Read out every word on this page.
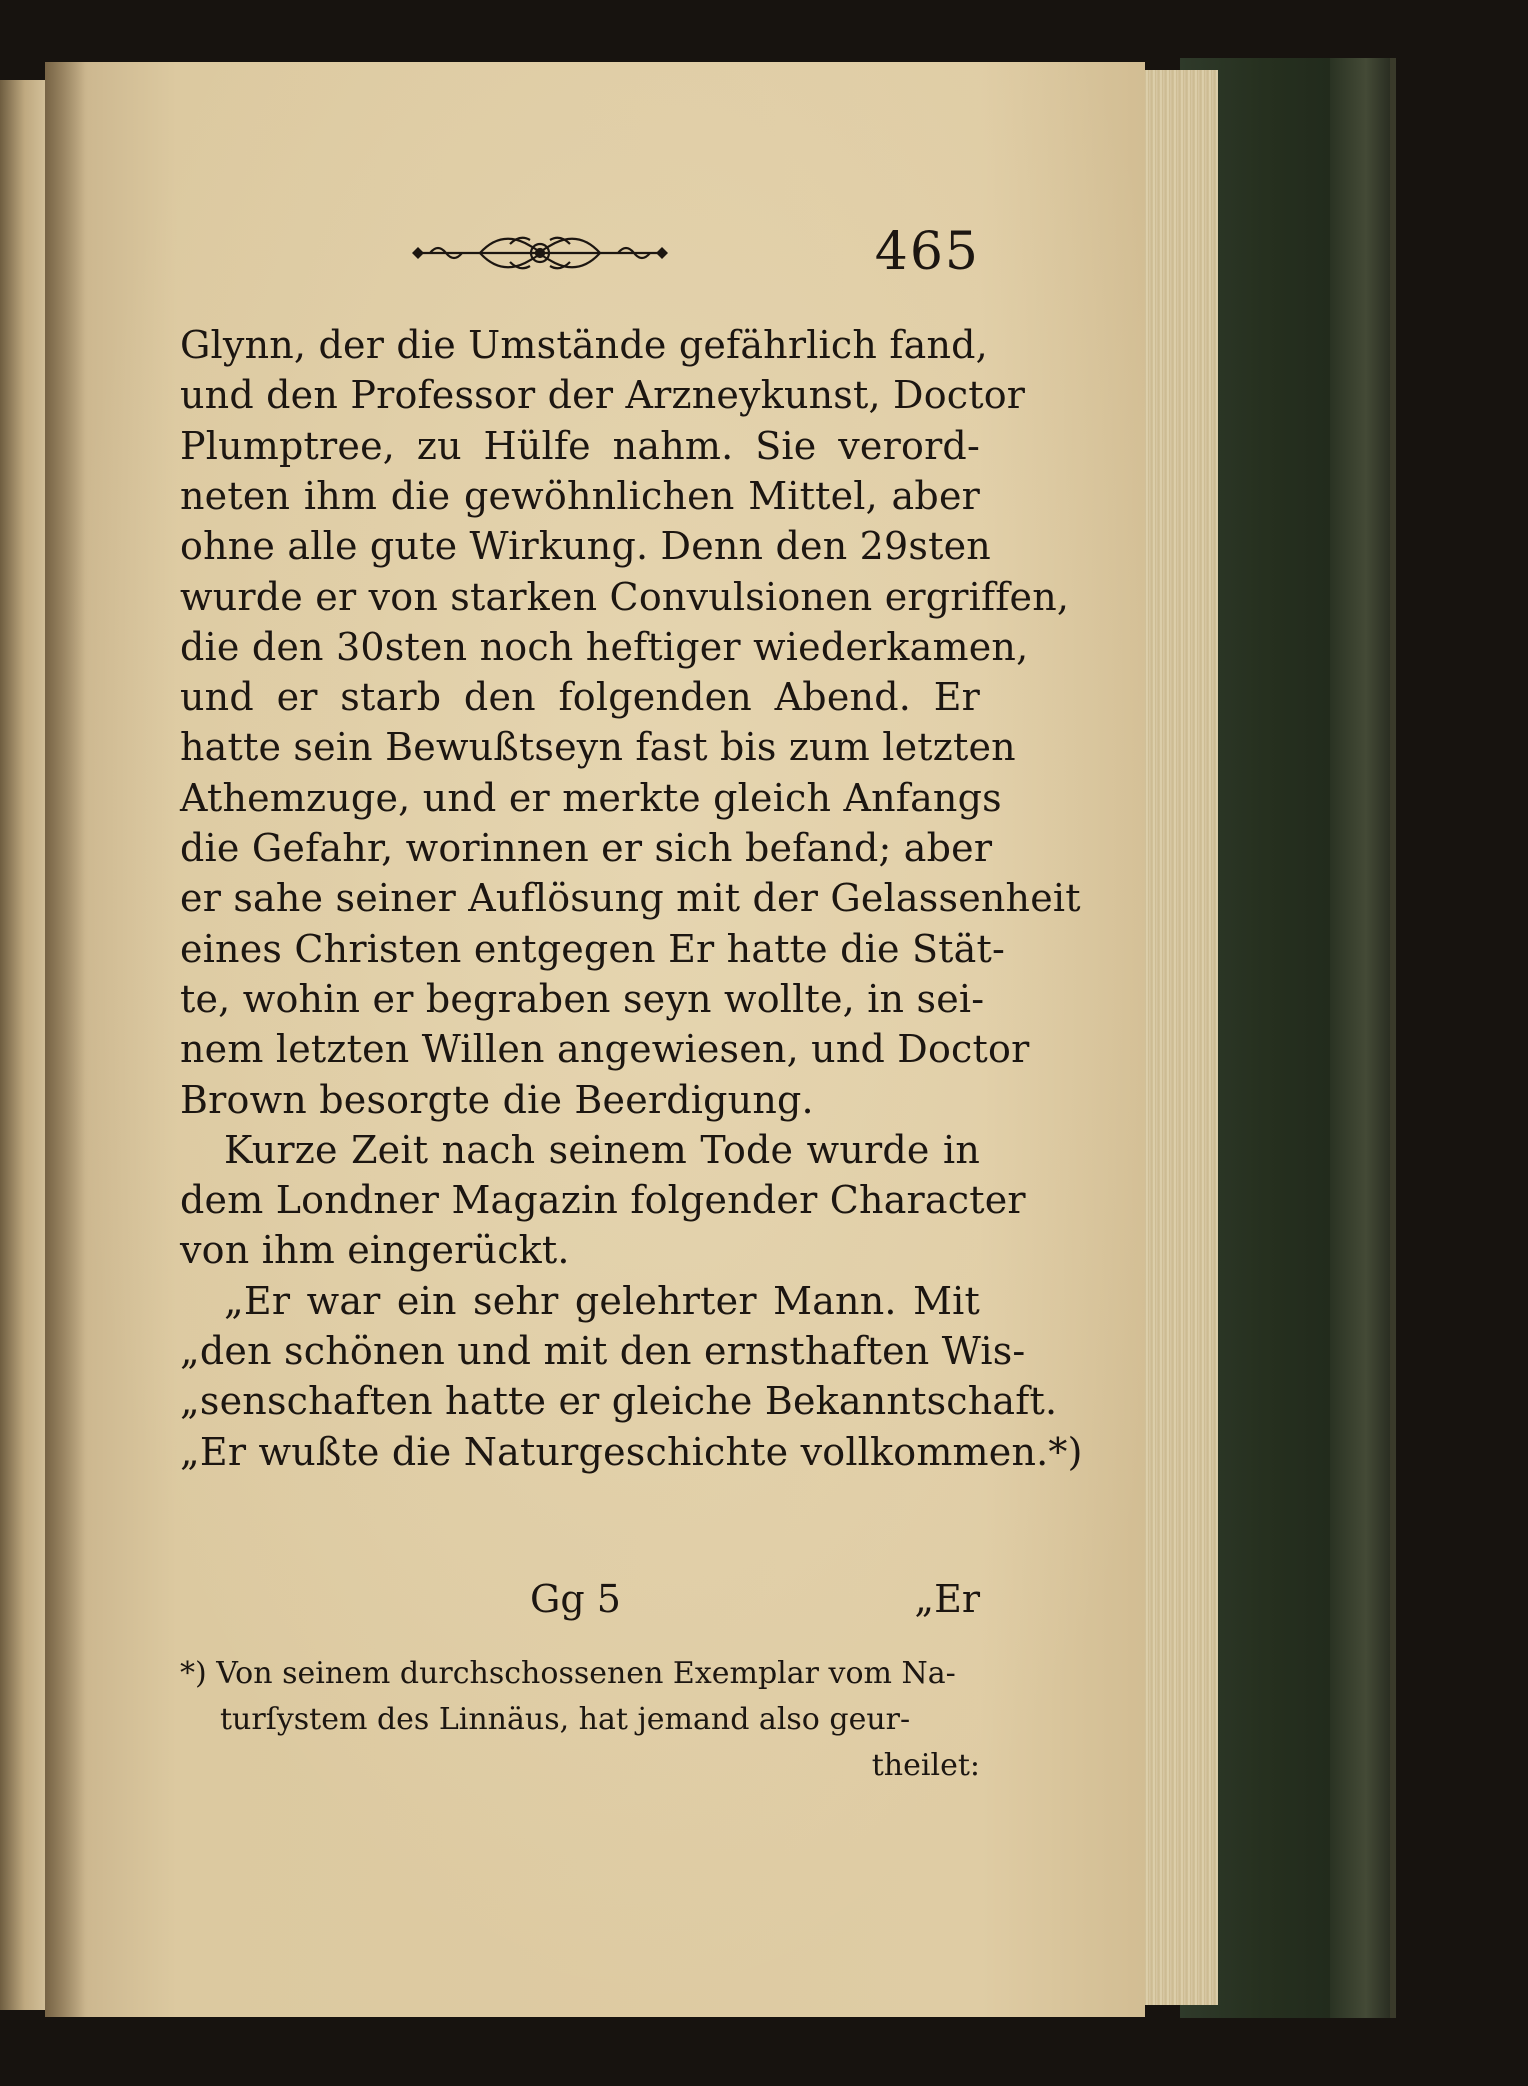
465
Glynn, der die Umstände gefährlich fand,
und den Professor der Arzneykunst, Doctor
Plumptree, zu Hülfe nahm. Sie verord-
neten ihm die gewöhnlichen Mittel, aber
ohne alle gute Wirkung. Denn den 29sten
wurde er von starken Convulsionen ergriffen,
die den 30sten noch heftiger wiederkamen,
und er starb den folgenden Abend. Er
hatte sein Bewußtseyn fast bis zum letzten
Athemzuge, und er merkte gleich Anfangs
die Gefahr, worinnen er sich befand; aber
er sahe seiner Auflösung mit der Gelassenheit
eines Christen entgegen Er hatte die Stät-
te, wohin er begraben seyn wollte, in sei-
nem letzten Willen angewiesen, und Doctor
Brown besorgte die Beerdigung.
Kurze Zeit nach seinem Tode wurde in
dem Londner Magazin folgender Character
von ihm eingerückt.
„Er war ein sehr gelehrter Mann. Mit
„den schönen und mit den ernsthaften Wis-
„senschaften hatte er gleiche Bekanntschaft.
„Er wußte die Naturgeschichte vollkommen.*)
Gg 5	„Er
*) Von seinem durchschossenen Exemplar vom Na-
turſystem des Linnäus, hat jemand also geur-
theilet:
